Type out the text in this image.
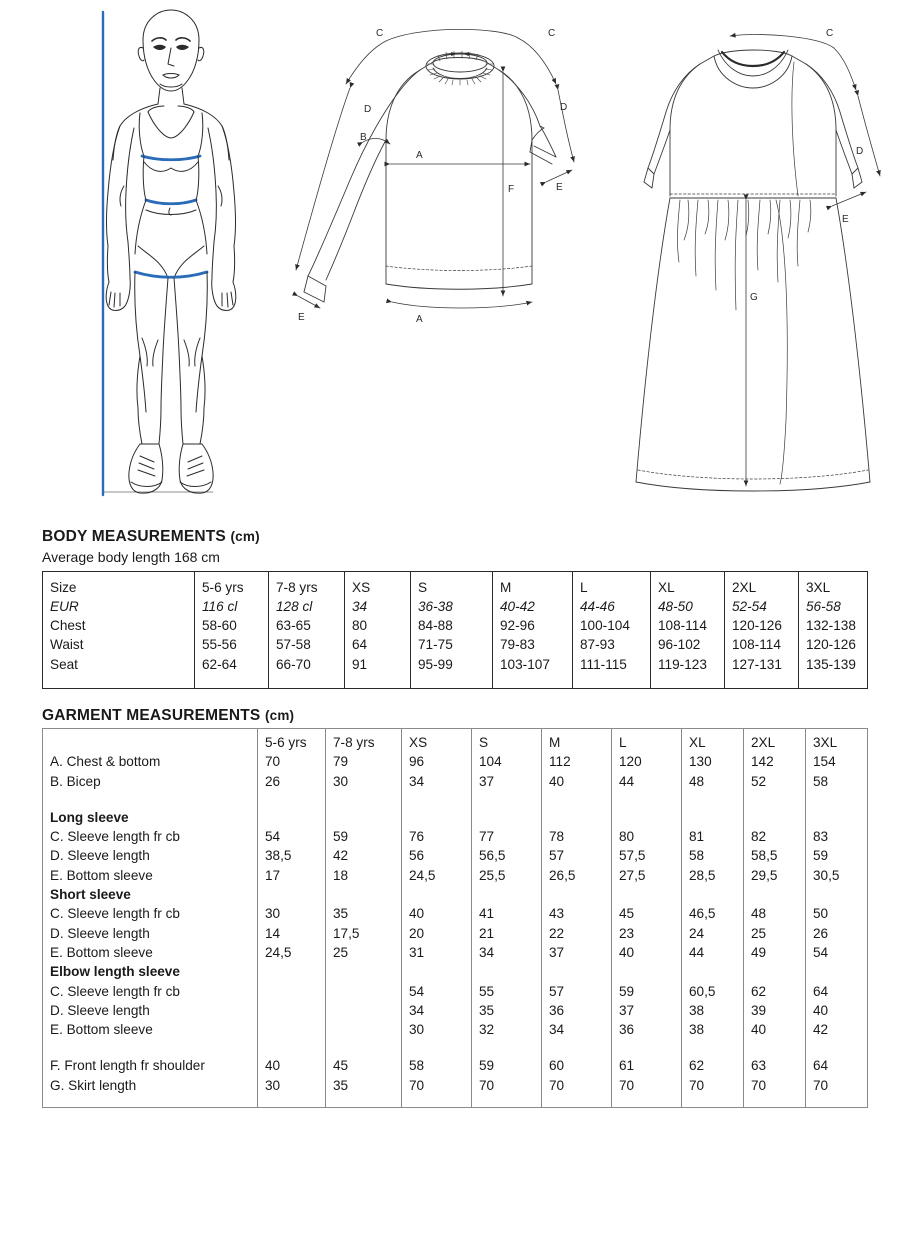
C	C
D	D
B
A
A
F
E
E
C
D
E
G
BODY MEASUREMENTS (cm)

Average body length 168 cm

Size	5-6 yrs	7-8 yrs	XS	S	M	L	XL	2XL	3XL
EUR	116 cl	128 cl	34	36-38	40-42	44-46	48-50	52-54	56-58
Chest	58-60	63-65	80	84-88	92-96	100-104	108-114	120-126	132-138
Waist	55-56	57-58	64	71-75	79-83	87-93	96-102	108-114	120-126
Seat	62-64	66-70	91	95-99	103-107	111-115	119-123	127-131	135-139

GARMENT MEASUREMENTS (cm)

	5-6 yrs	7-8 yrs	XS	S	M	L	XL	2XL	3XL
A. Chest & bottom	70	79	96	104	112	120	130	142	154
B. Bicep	26	30	34	37	40	44	48	52	58

Long sleeve									
C. Sleeve length fr cb	54	59	76	77	78	80	81	82	83
D. Sleeve length	38,5	42	56	56,5	57	57,5	58	58,5	59
E. Bottom sleeve	17	18	24,5	25,5	26,5	27,5	28,5	29,5	30,5
Short sleeve									
C. Sleeve length fr cb	30	35	40	41	43	45	46,5	48	50
D. Sleeve length	14	17,5	20	21	22	23	24	25	26
E. Bottom sleeve	24,5	25	31	34	37	40	44	49	54
Elbow length sleeve									
C. Sleeve length fr cb			54	55	57	59	60,5	62	64
D. Sleeve length			34	35	36	37	38	39	40
E. Bottom sleeve			30	32	34	36	38	40	42

F. Front length fr shoulder	40	45	58	59	60	61	62	63	64
G. Skirt length	30	35	70	70	70	70	70	70	70
